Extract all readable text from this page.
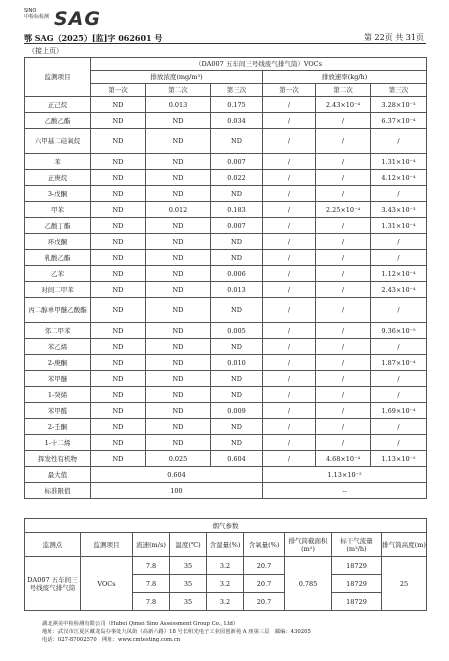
SINO
中检标检测 SAG
鄂 SAG（2025）[监]字 062601 号	第 22页 共 31页
（接上页）
监测项目	（DA007 五车间三号线废气排气筒）VOCs					
	排放浓度(mg/m³)			排放速率(kg/h)		
	第一次	第二次	第三次	第一次	第二次	第三次
正己烷	ND	0.013	0.175	/	2.43×10⁻⁴	3.28×10⁻³
乙酸乙酯	ND	ND	0.034	/	/	6.37×10⁻⁴
六甲基二硅氧烷	ND	ND	ND	/	/	/
苯	ND	ND	0.007	/	/	1.31×10⁻⁴
正庚烷	ND	ND	0.022	/	/	4.12×10⁻⁴
3-戊酮	ND	ND	ND	/	/	/
甲苯	ND	0.012	0.183	/	2.25×10⁻⁴	3.43×10⁻³
乙酸丁酯	ND	ND	0.007	/	/	1.31×10⁻⁴
环戊酮	ND	ND	ND	/	/	/
乳酸乙酯	ND	ND	ND	/	/	/
乙苯	ND	ND	0.006	/	/	1.12×10⁻⁴
对间二甲苯	ND	ND	0.013	/	/	2.43×10⁻⁴
丙二醇单甲醚乙酸酯	ND	ND	ND	/	/	/
邻二甲苯	ND	ND	0.005	/	/	9.36×10⁻⁵
苯乙烯	ND	ND	ND	/	/	/
2-庚酮	ND	ND	0.010	/	/	1.87×10⁻⁴
苯甲醚	ND	ND	ND	/	/	/
1-癸烯	ND	ND	ND	/	/	/
苯甲醛	ND	ND	0.009	/	/	1.69×10⁻⁴
2-壬酮	ND	ND	ND	/	/	/
1-十二烯	ND	ND	ND	/	/	/
挥发性有机物	ND	0.025	0.604	/	4.68×10⁻⁴	1.13×10⁻²
最大值	0.604			1.13×10⁻²		
标准限值	100			--		
烟气参数								
监测点	监测项目	流速(m/s)	温度(℃)	含湿量(%)	含氧量(%)	排气筒截面积(m²)	标干气流量(m³/h)	排气筒高度(m)
DA007 五车间三号线废气排气筒	VOCs	7.8	35	3.2	20.7	0.785	18729	25
		7.8	35	3.2	20.7		18729	
		7.8	35	3.2	20.7		18729	
湖北祺美中检检测有限公司（Hubei Qimei Sino Assessment Group Co., Ltd）
地址：武汉市江夏区藏龙岛办事处九凤街（高新六路）18 号长咀光电子工业园创新苑 A 座第三层　邮编：430205
电话：027-87002570　网址：www.cmtesting.com.cn
